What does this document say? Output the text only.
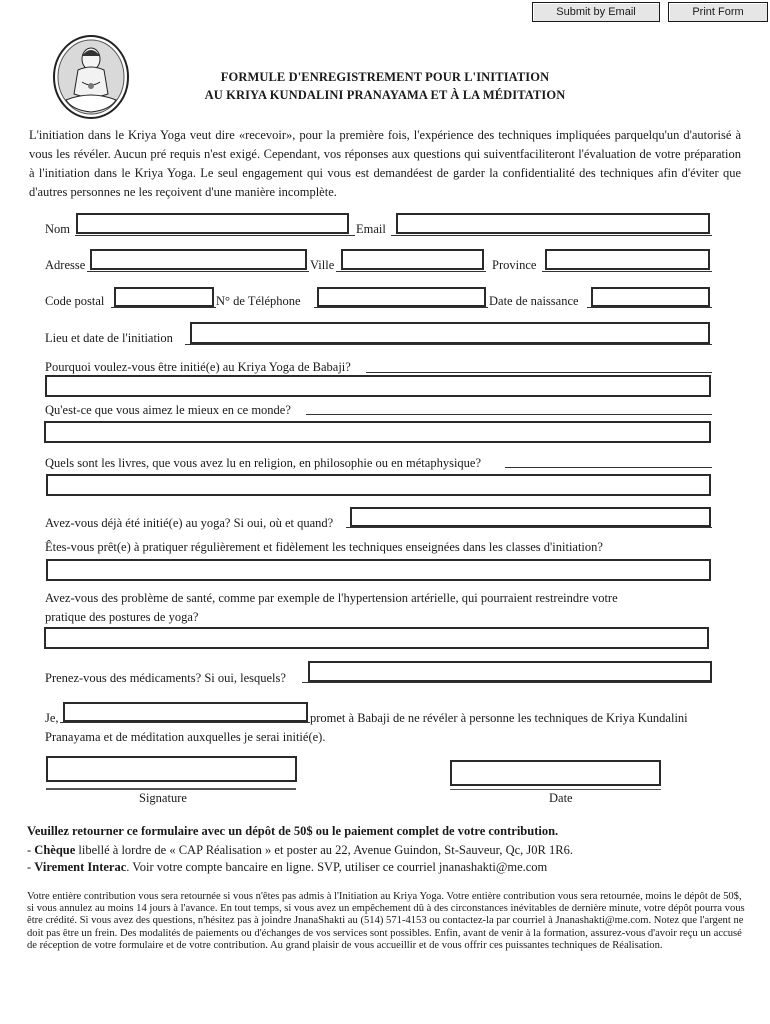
Submit by Email	Print Form
FORMULE D'ENREGISTREMENT POUR L'INITIATION
AU KRIYA KUNDALINI PRANAYAMA ET À LA MÉDITATION
L'initiation dans le Kriya Yoga veut dire «recevoir», pour la première fois, l'expérience des techniques impliquées parquelqu'un d'autorisé à vous les révéler. Aucun pré requis n'est exigé. Cependant, vos réponses aux questions qui suiventfaciliteront l'évaluation de votre préparation à l'initiation dans le Kriya Yoga. Le seul engagement qui vous est demandéest de garder la confidentialité des techniques afin d'éviter que d'autres personnes ne les reçoivent d'une manière incomplète.
Nom	Email
Adresse	Ville	Province
Code postal	N° de Téléphone	Date de naissance
Lieu et date de l'initiation
Pourquoi voulez-vous être initié(e) au Kriya Yoga de Babaji?
Qu'est-ce que vous aimez le mieux en ce monde?
Quels sont les livres, que vous avez lu en religion, en philosophie ou en métaphysique?
Avez-vous déjà été initié(e) au yoga? Si oui, où et quand?
Êtes-vous prêt(e) à pratiquer régulièrement et fidèlement les techniques enseignées dans les classes d'initiation?
Avez-vous des problème de santé, comme par exemple de l'hypertension artérielle, qui pourraient restreindre votre
pratique des postures de yoga?
Prenez-vous des médicaments? Si oui, lesquels?
Je,	promet à Babaji de ne révéler à personne les techniques de Kriya Kundalini
Pranayama et de méditation auxquelles je serai initié(e).
Signature	Date
Veuillez retourner ce formulaire avec un dépôt de 50$ ou le paiement complet de votre contribution.
- Chèque libellé à lordre de « CAP Réalisation » et poster au 22, Avenue Guindon, St-Sauveur, Qc, J0R 1R6.
- Virement Interac. Voir votre compte bancaire en ligne. SVP, utiliser ce courriel jnanashakti@me.com
Votre entière contribution vous sera retournée si vous n'êtes pas admis à l'Initiation au Kriya Yoga. Votre entière contribution vous sera retournée, moins le dépôt de 50$, si vous annulez au moins 14 jours à l'avance. En tout temps, si vous avez un empêchement dû à des circonstances inévitables de dernière minute, votre dépôt pourra vous être crédité. Si vous avez des questions, n'hésitez pas à joindre JnanaShakti au (514) 571-4153 ou contactez-la par courriel à Jnanashakti@me.com. Notez que l'argent ne doit pas être un frein. Des modalités de paiements ou d'échanges de vos services sont possibles. Enfin, avant de venir à la formation, assurez-vous d'avoir reçu un accusé de réception de votre formulaire et de votre contribution. Au grand plaisir de vous accueillir et de vous offrir ces puissantes techniques de Réalisation.
